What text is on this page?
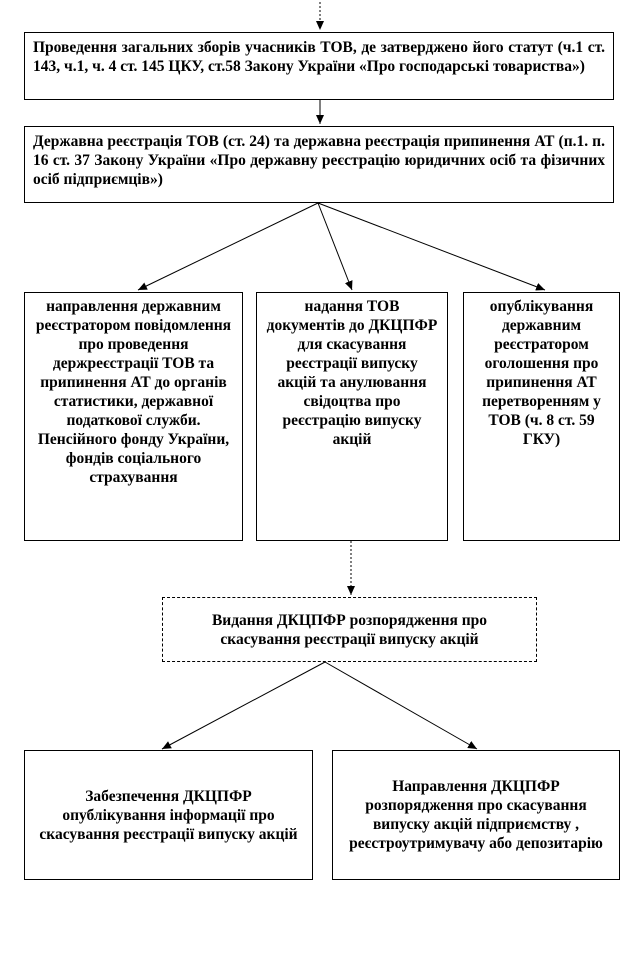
Проведення загальних зборів учасників ТОВ, де затверджено його статут (ч.1 ст. 143, ч.1, ч. 4 ст. 145 ЦКУ, ст.58 Закону України «Про господарські товариства»)
Державна реєстрація ТОВ (ст. 24) та державна реєстрація припинення АТ (п.1. п. 16 ст. 37 Закону України «Про державну реєстрацію юридичних осіб та фізичних осіб підприємців»)
направлення державним реєстратором повідомлення про проведення держреєстрації ТОВ та припинення АТ до органів статистики, державної податкової служби. Пенсійного фонду України, фондів соціального страхування
надання ТОВ документів до ДКЦПФР для скасування реєстрації випуску акцій та анулювання свідоцтва про реєстрацію випуску акцій
опублікування державним реєстратором оголошення про припинення АТ перетворенням у ТОВ (ч. 8 ст. 59 ГКУ)
Видання ДКЦПФР розпорядження про скасування реєстрації випуску акцій
Забезпечення ДКЦПФР опублікування інформації про скасування реєстрації випуску акцій
Направлення ДКЦПФР розпорядження про скасування випуску акцій підприємству , реєстроутримувачу або депозитарію
